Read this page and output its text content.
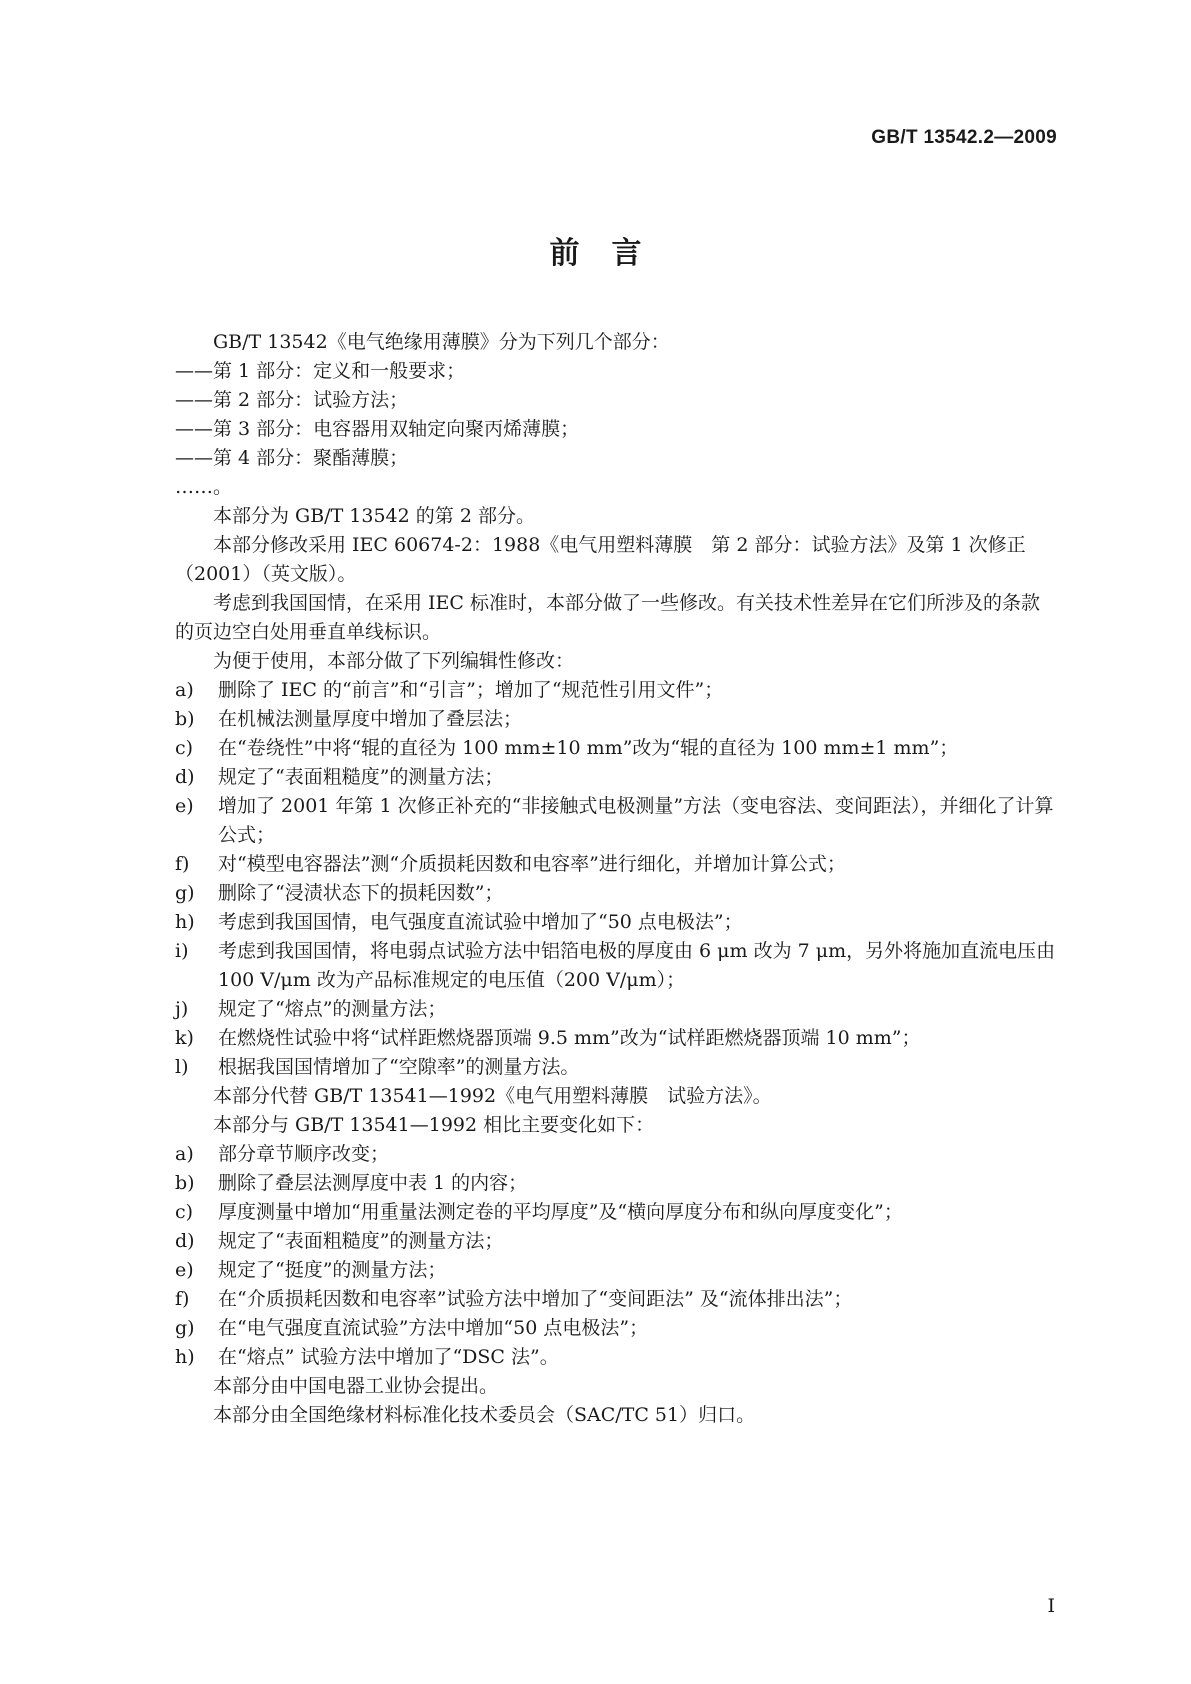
GB/T 13542.2—2009
前言

GB/T 13542《电气绝缘用薄膜》分为下列几个部分：

——第 1 部分：定义和一般要求；

——第 2 部分：试验方法；

——第 3 部分：电容器用双轴定向聚丙烯薄膜；

——第 4 部分：聚酯薄膜；

……。

本部分为 GB/T 13542 的第 2 部分。

本部分修改采用 IEC 60674-2：1988《电气用塑料薄膜　第 2 部分：试验方法》及第 1 次修正（2001）（英文版）。

考虑到我国国情，在采用 IEC 标准时，本部分做了一些修改。有关技术性差异在它们所涉及的条款的页边空白处用垂直单线标识。

为便于使用，本部分做了下列编辑性修改：

a) 删除了 IEC 的“前言”和“引言”；增加了“规范性引用文件”；

b) 在机械法测量厚度中增加了叠层法；

c) 在“卷绕性”中将“辊的直径为 100 mm±10 mm”改为“辊的直径为 100 mm±1 mm”；

d) 规定了“表面粗糙度”的测量方法；

e) 增加了 2001 年第 1 次修正补充的“非接触式电极测量”方法（变电容法、变间距法），并细化了计算公式；

f) 对“模型电容器法”测“介质损耗因数和电容率”进行细化，并增加计算公式；

g) 删除了“浸渍状态下的损耗因数”；

h) 考虑到我国国情，电气强度直流试验中增加了“50 点电极法”；

i) 考虑到我国国情，将电弱点试验方法中铝箔电极的厚度由 6 μm 改为 7 μm，另外将施加直流电压由 100 V/μm 改为产品标准规定的电压值（200 V/μm）；

j) 规定了“熔点”的测量方法；

k) 在燃烧性试验中将“试样距燃烧器顶端 9.5 mm”改为“试样距燃烧器顶端 10 mm”；

l) 根据我国国情增加了“空隙率”的测量方法。

本部分代替 GB/T 13541—1992《电气用塑料薄膜　试验方法》。

本部分与 GB/T 13541—1992 相比主要变化如下：

a) 部分章节顺序改变；

b) 删除了叠层法测厚度中表 1 的内容；

c) 厚度测量中增加“用重量法测定卷的平均厚度”及“横向厚度分布和纵向厚度变化”；

d) 规定了“表面粗糙度”的测量方法；

e) 规定了“挺度”的测量方法；

f) 在“介质损耗因数和电容率”试验方法中增加了“变间距法” 及“流体排出法”；

g) 在“电气强度直流试验”方法中增加“50 点电极法”；

h) 在“熔点” 试验方法中增加了“DSC 法”。

本部分由中国电器工业协会提出。

本部分由全国绝缘材料标准化技术委员会（SAC/TC 51）归口。

I
